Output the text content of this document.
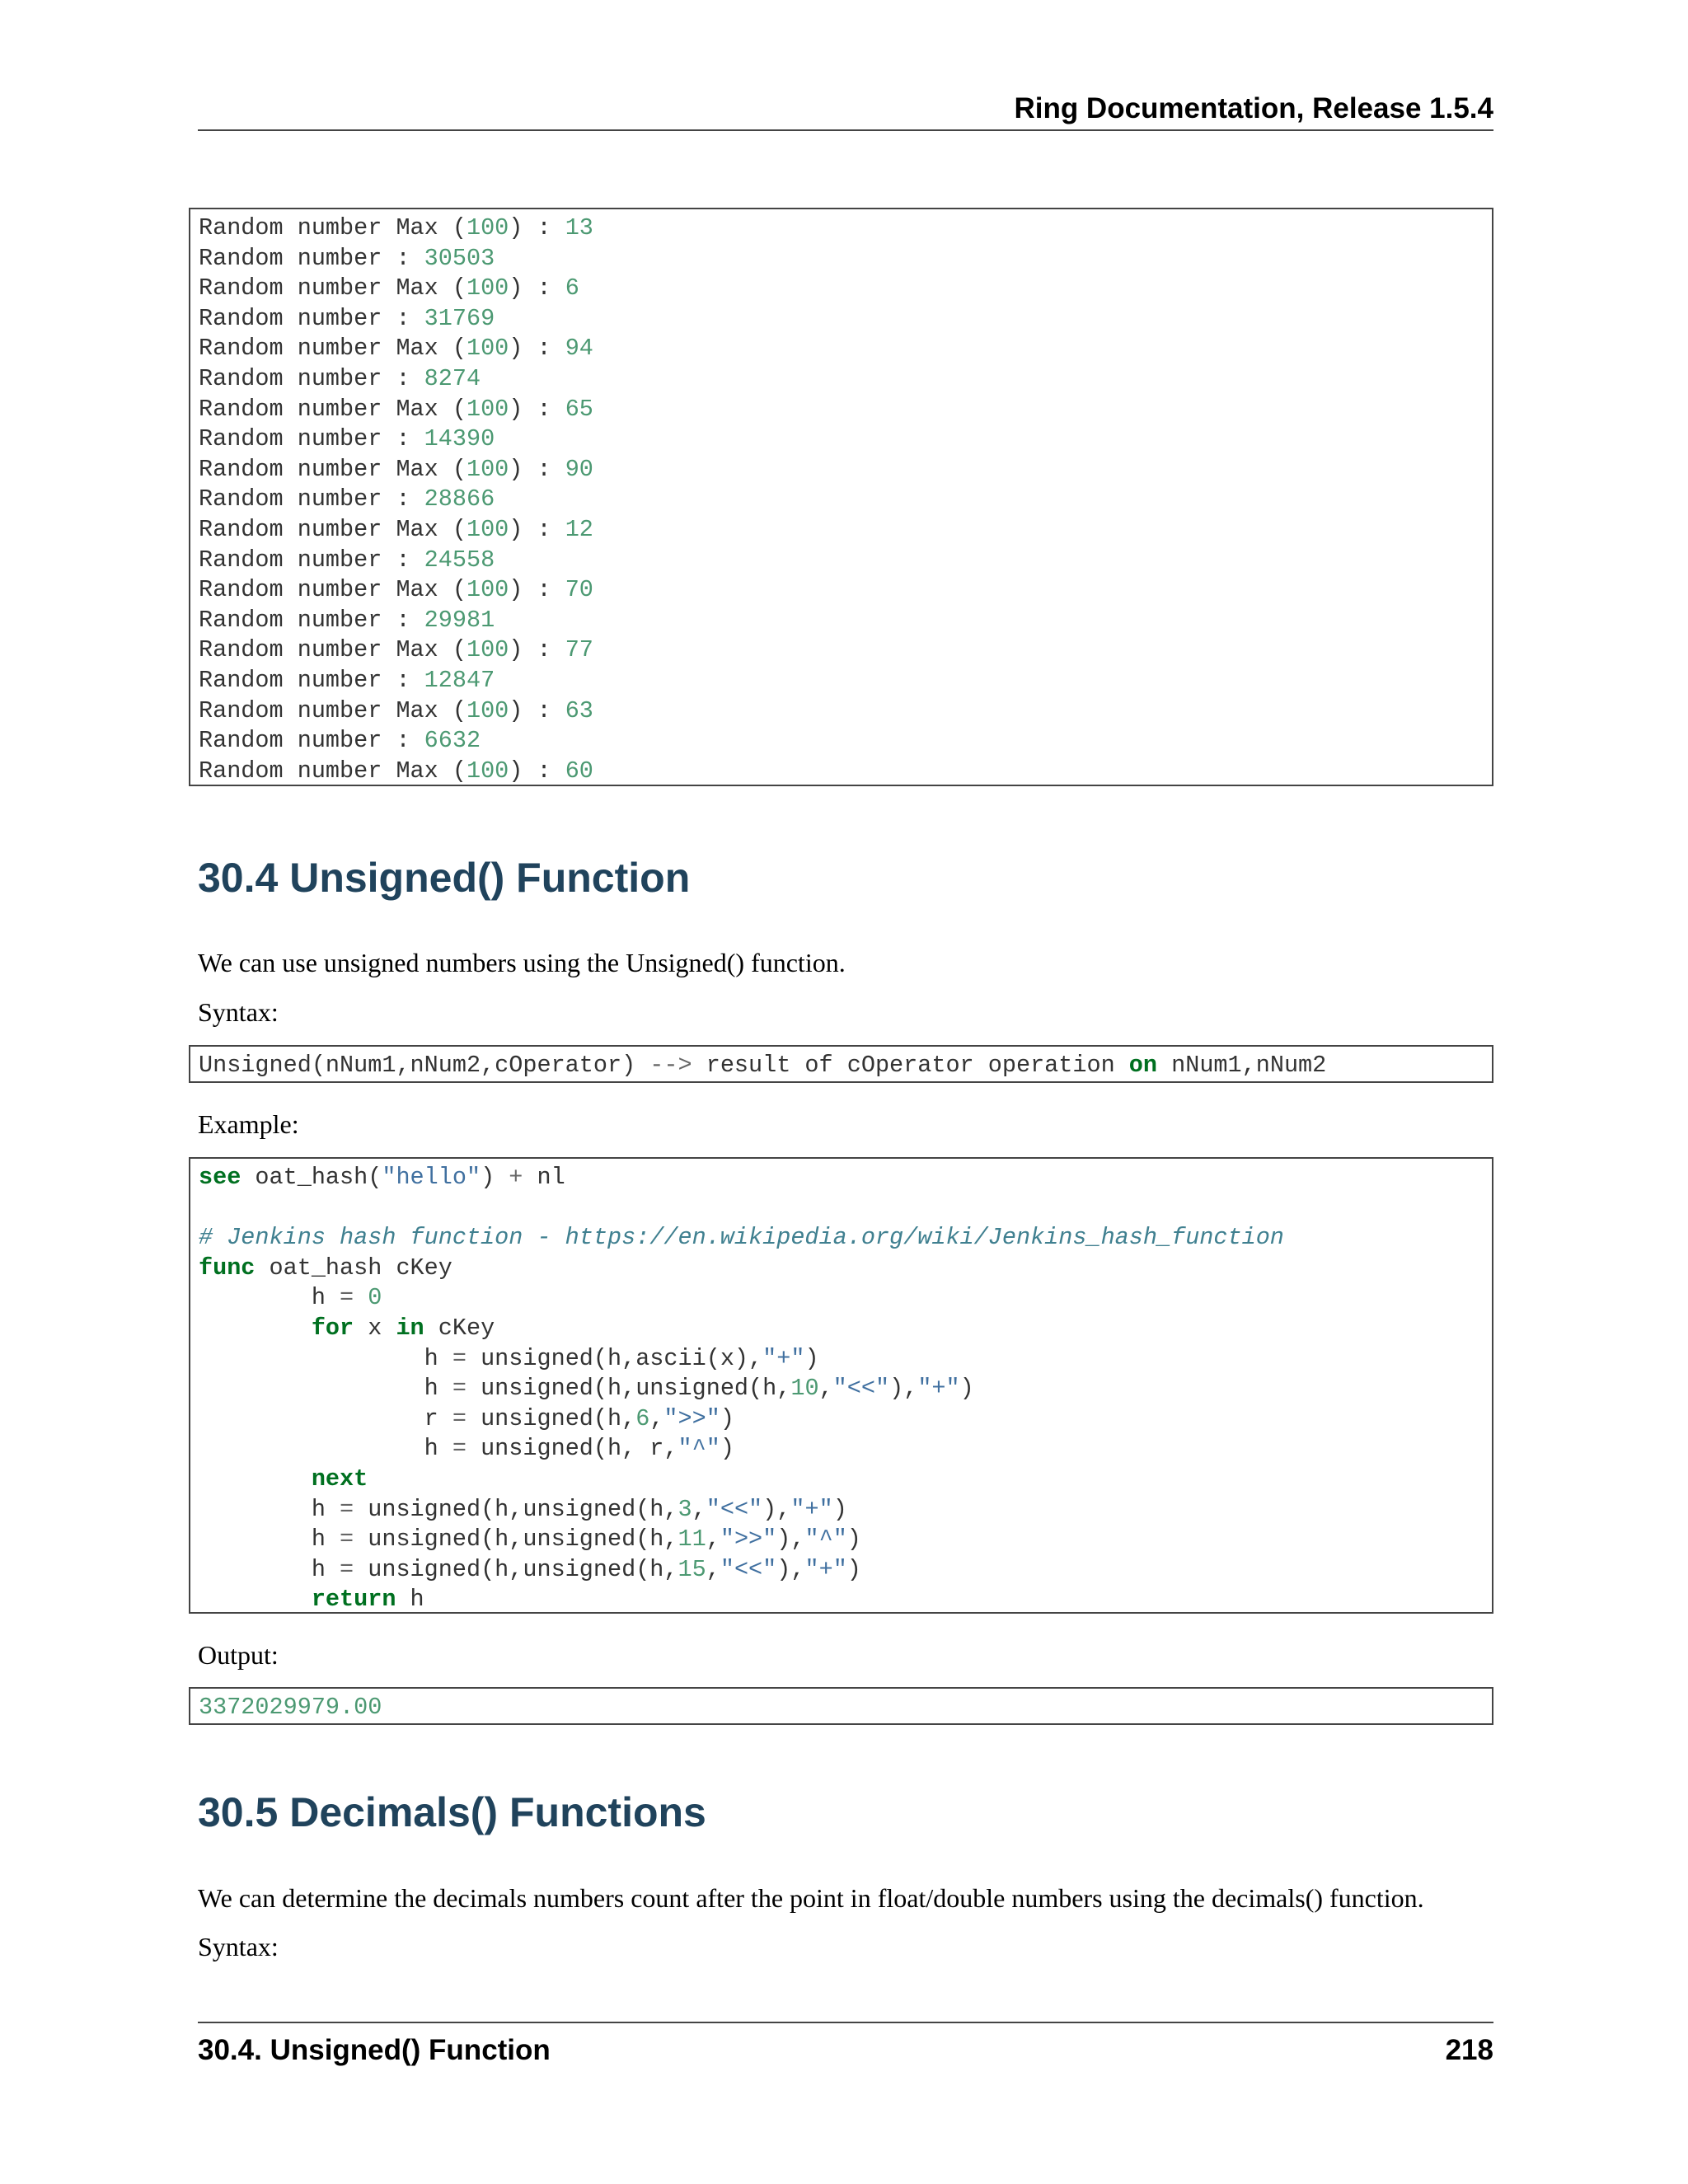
Ring Documentation, Release 1.5.4
Random number Max (100) : 13
Random number : 30503
Random number Max (100) : 6
Random number : 31769
Random number Max (100) : 94
Random number : 8274
Random number Max (100) : 65
Random number : 14390
Random number Max (100) : 90
Random number : 28866
Random number Max (100) : 12
Random number : 24558
Random number Max (100) : 70
Random number : 29981
Random number Max (100) : 77
Random number : 12847
Random number Max (100) : 63
Random number : 6632
Random number Max (100) : 60
30.4 Unsigned() Function
We can use unsigned numbers using the Unsigned() function.
Syntax:
Unsigned(nNum1,nNum2,cOperator) --> result of cOperator operation on nNum1,nNum2
Example:
see oat_hash("hello") + nl

# Jenkins hash function - https://en.wikipedia.org/wiki/Jenkins_hash_function
func oat_hash cKey
h = 0
for x in cKey
h = unsigned(h,ascii(x),"+")
h = unsigned(h,unsigned(h,10,"<<"),"+")
r = unsigned(h,6,">>")
h = unsigned(h, r,"^")
next
h = unsigned(h,unsigned(h,3,"<<"),"+")
h = unsigned(h,unsigned(h,11,">>"),"^")
h = unsigned(h,unsigned(h,15,"<<"),"+")
return h
Output:
3372029979.00
30.5 Decimals() Functions
We can determine the decimals numbers count after the point in float/double numbers using the decimals() function.
Syntax:
30.4. Unsigned() Function	218
